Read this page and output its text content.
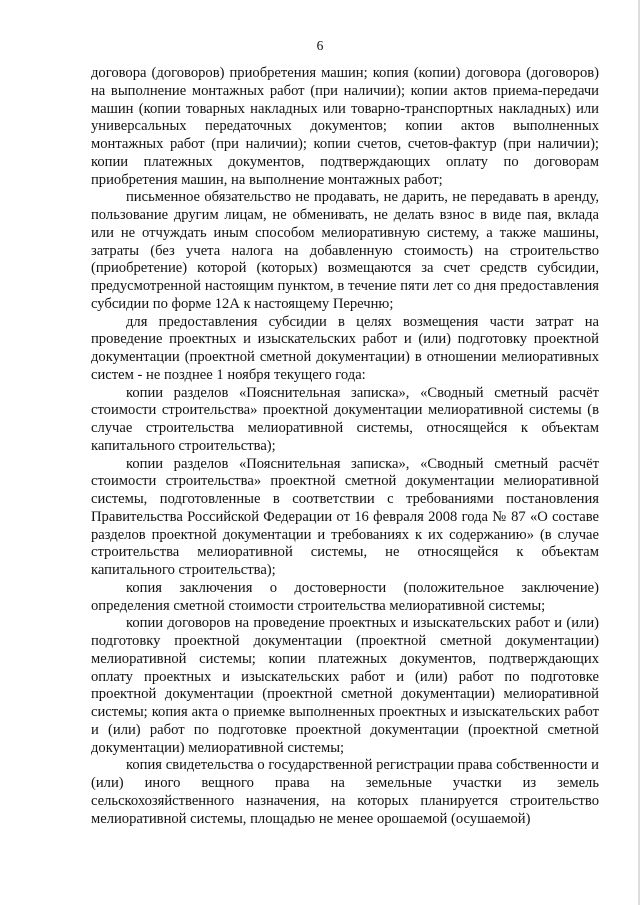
6

договора (договоров) приобретения машин; копия (копии) договора (договоров) на выполнение монтажных работ (при наличии); копии актов приема-передачи машин (копии товарных накладных или товарно-транспортных накладных) или универсальных передаточных документов; копии актов выполненных монтажных работ (при наличии); копии счетов, счетов-фактур (при наличии); копии платежных документов, подтверждающих оплату по договорам приобретения машин, на выполнение монтажных работ;

письменное обязательство не продавать, не дарить, не передавать в аренду, пользование другим лицам, не обменивать, не делать взнос в виде пая, вклада или не отчуждать иным способом мелиоративную систему, а также машины, затраты (без учета налога на добавленную стоимость) на строительство (приобретение) которой (которых) возмещаются за счет средств субсидии, предусмотренной настоящим пунктом, в течение пяти лет со дня предоставления субсидии по форме 12А к настоящему Перечню;

для предоставления субсидии в целях возмещения части затрат на проведение проектных и изыскательских работ и (или) подготовку проектной документации (проектной сметной документации) в отношении мелиоративных систем - не позднее 1 ноября текущего года:

копии разделов «Пояснительная записка», «Сводный сметный расчёт стоимости строительства» проектной документации мелиоративной системы (в случае строительства мелиоративной системы, относящейся к объектам капитального строительства);

копии разделов «Пояснительная записка», «Сводный сметный расчёт стоимости строительства» проектной сметной документации мелиоративной системы, подготовленные в соответствии с требованиями постановления Правительства Российской Федерации от 16 февраля 2008 года № 87 «О составе разделов проектной документации и требованиях к их содержанию» (в случае строительства мелиоративной системы, не относящейся к объектам капитального строительства);

копия заключения о достоверности (положительное заключение) определения сметной стоимости строительства мелиоративной системы;

копии договоров на проведение проектных и изыскательских работ и (или) подготовку проектной документации (проектной сметной документации) мелиоративной системы; копии платежных документов, подтверждающих оплату проектных и изыскательских работ и (или) работ по подготовке проектной документации (проектной сметной документации) мелиоративной системы; копия акта о приемке выполненных проектных и изыскательских работ и (или) работ по подготовке проектной документации (проектной сметной документации) мелиоративной системы;

копия свидетельства о государственной регистрации права собственности и (или) иного вещного права на земельные участки из земель сельскохозяйственного назначения, на которых планируется строительство мелиоративной системы, площадью не менее орошаемой (осушаемой)
